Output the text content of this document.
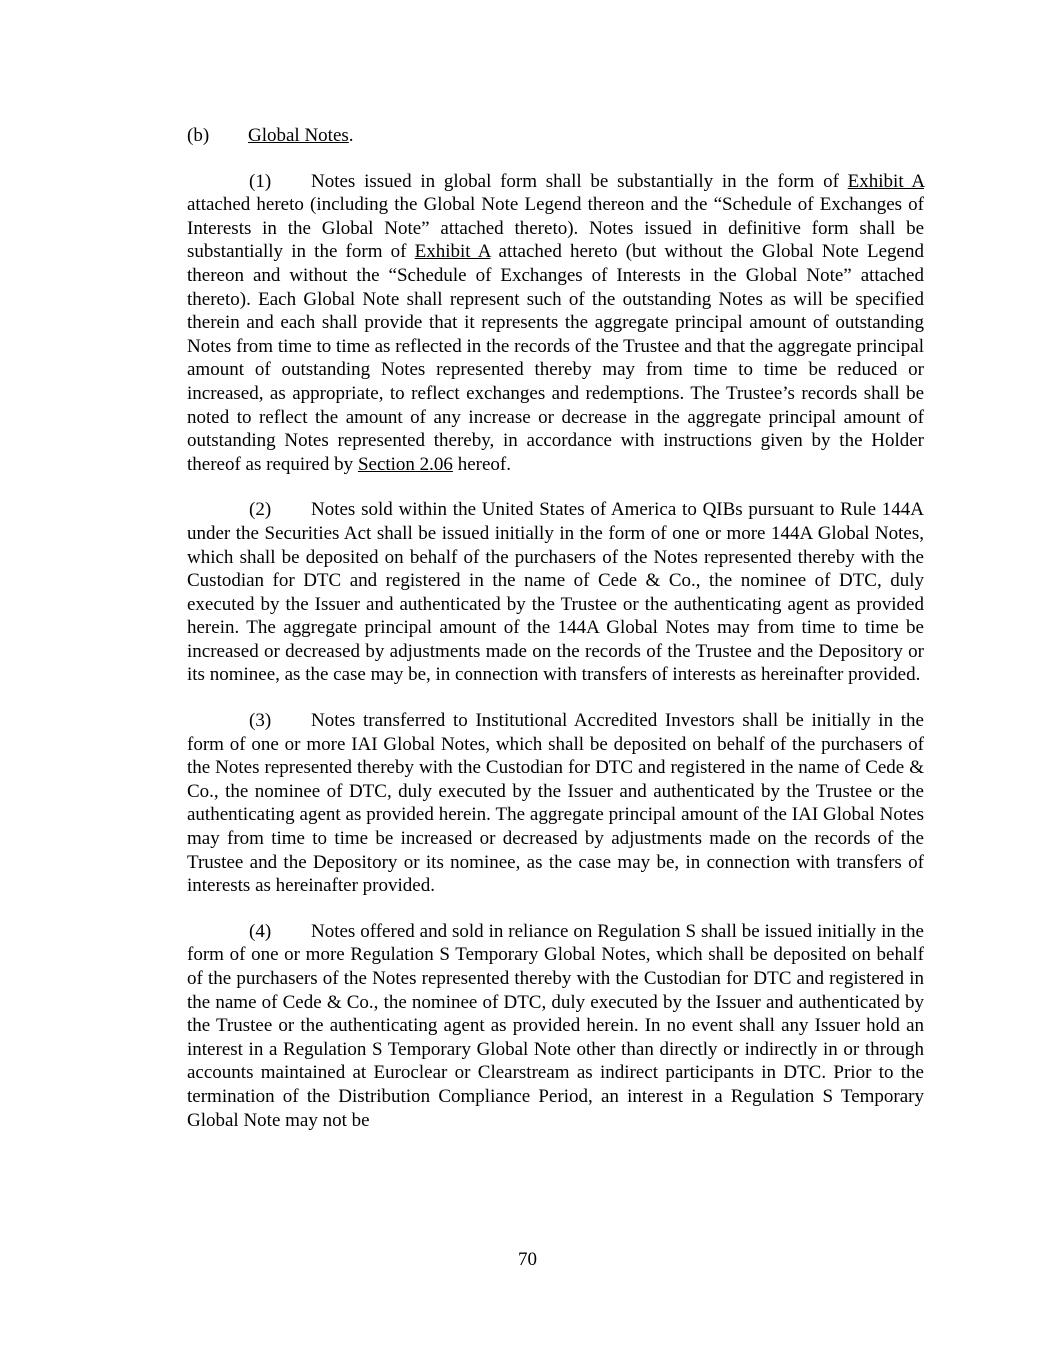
(b) Global Notes.

(1) Notes issued in global form shall be substantially in the form of Exhibit A attached hereto (including the Global Note Legend thereon and the “Schedule of Exchanges of Interests in the Global Note” attached thereto). Notes issued in definitive form shall be substantially in the form of Exhibit A attached hereto (but without the Global Note Legend thereon and without the “Schedule of Exchanges of Interests in the Global Note” attached thereto). Each Global Note shall represent such of the outstanding Notes as will be specified therein and each shall provide that it represents the aggregate principal amount of outstanding Notes from time to time as reflected in the records of the Trustee and that the aggregate principal amount of outstanding Notes represented thereby may from time to time be reduced or increased, as appropriate, to reflect exchanges and redemptions. The Trustee’s records shall be noted to reflect the amount of any increase or decrease in the aggregate principal amount of outstanding Notes represented thereby, in accordance with instructions given by the Holder thereof as required by Section 2.06 hereof.

(2) Notes sold within the United States of America to QIBs pursuant to Rule 144A under the Securities Act shall be issued initially in the form of one or more 144A Global Notes, which shall be deposited on behalf of the purchasers of the Notes represented thereby with the Custodian for DTC and registered in the name of Cede & Co., the nominee of DTC, duly executed by the Issuer and authenticated by the Trustee or the authenticating agent as provided herein. The aggregate principal amount of the 144A Global Notes may from time to time be increased or decreased by adjustments made on the records of the Trustee and the Depository or its nominee, as the case may be, in connection with transfers of interests as hereinafter provided.

(3) Notes transferred to Institutional Accredited Investors shall be initially in the form of one or more IAI Global Notes, which shall be deposited on behalf of the purchasers of the Notes represented thereby with the Custodian for DTC and registered in the name of Cede & Co., the nominee of DTC, duly executed by the Issuer and authenticated by the Trustee or the authenticating agent as provided herein. The aggregate principal amount of the IAI Global Notes may from time to time be increased or decreased by adjustments made on the records of the Trustee and the Depository or its nominee, as the case may be, in connection with transfers of interests as hereinafter provided.

(4) Notes offered and sold in reliance on Regulation S shall be issued initially in the form of one or more Regulation S Temporary Global Notes, which shall be deposited on behalf of the purchasers of the Notes represented thereby with the Custodian for DTC and registered in the name of Cede & Co., the nominee of DTC, duly executed by the Issuer and authenticated by the Trustee or the authenticating agent as provided herein. In no event shall any Issuer hold an interest in a Regulation S Temporary Global Note other than directly or indirectly in or through accounts maintained at Euroclear or Clearstream as indirect participants in DTC. Prior to the termination of the Distribution Compliance Period, an interest in a Regulation S Temporary Global Note may not be

70
